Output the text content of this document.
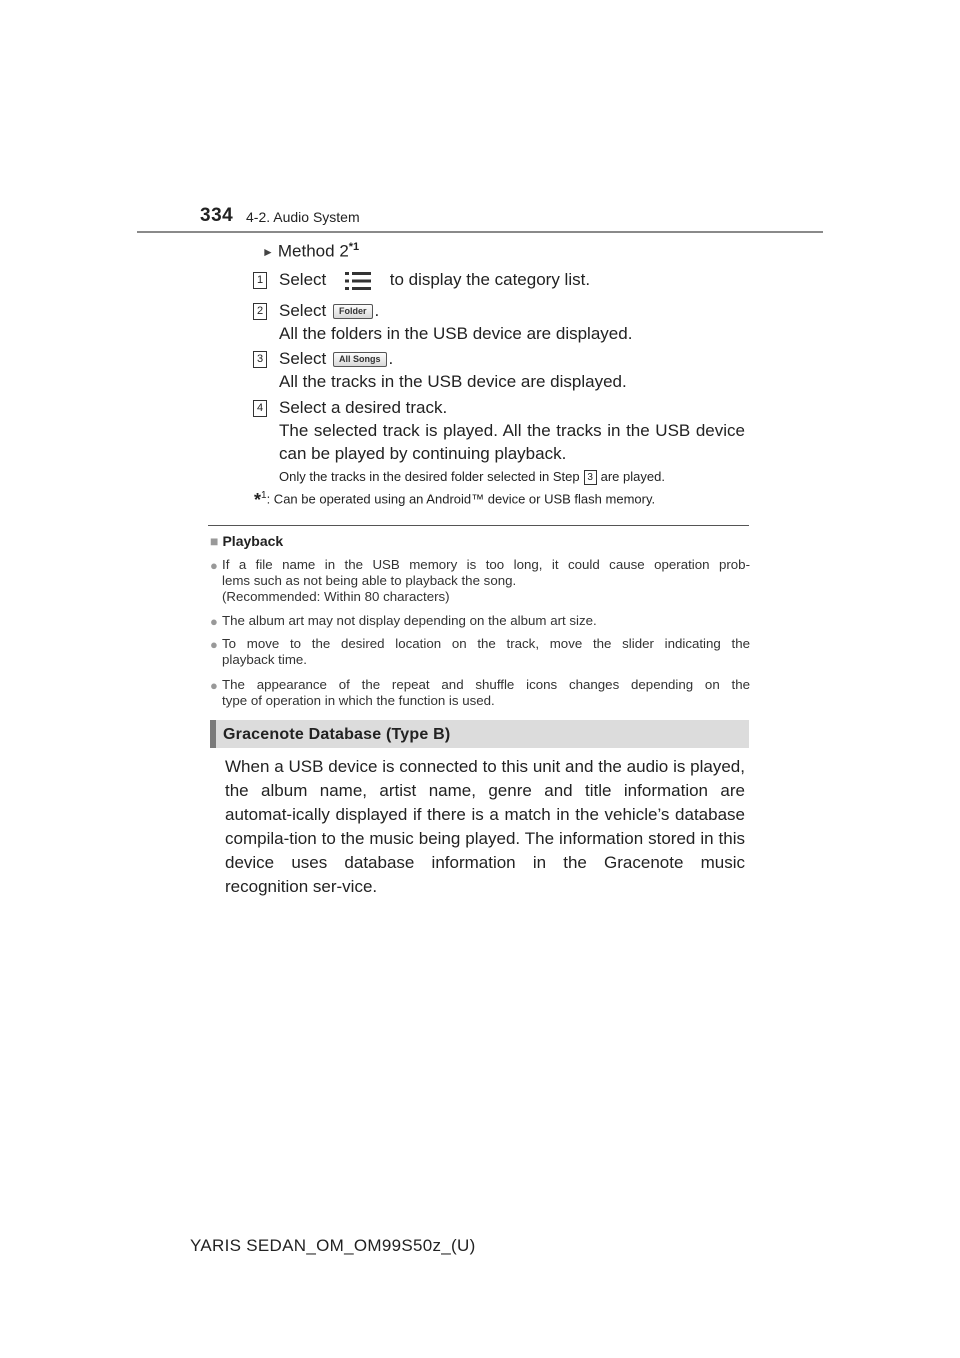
334 4-2. Audio System
► Method 2$^{*1}$
1 Select	to display the category list.
2 Select Folder .
All the folders in the USB device are displayed.
3 Select All Songs .
All the tracks in the USB device are displayed.
4 Select a desired track.
The selected track is played. All the tracks in the USB device
can be played by continuing playback.
Only the tracks in the desired folder selected in Step 3 are played.
*$^1$: Can be operated using an Android™ device or USB flash memory.
■ Playback
● If a file name in the USB memory is too long, it could cause operation prob-
lems such as not being able to playback the song.
(Recommended: Within 80 characters)
● The album art may not display depending on the album art size.
● To move to the desired location on the track, move the slider indicating the
playback time.
● The appearance of the repeat and shuffle icons changes depending on the
type of operation in which the function is used.
Gracenote Database (Type B)
When a USB device is connected to this unit and the audio is played, the album name, artist name, genre and title information are automat-ically displayed if there is a match in the vehicle’s database compila-tion to the music being played. The information stored in this device uses database information in the Gracenote music recognition ser-vice.
YARIS SEDAN_OM_OM99S50z_(U)
